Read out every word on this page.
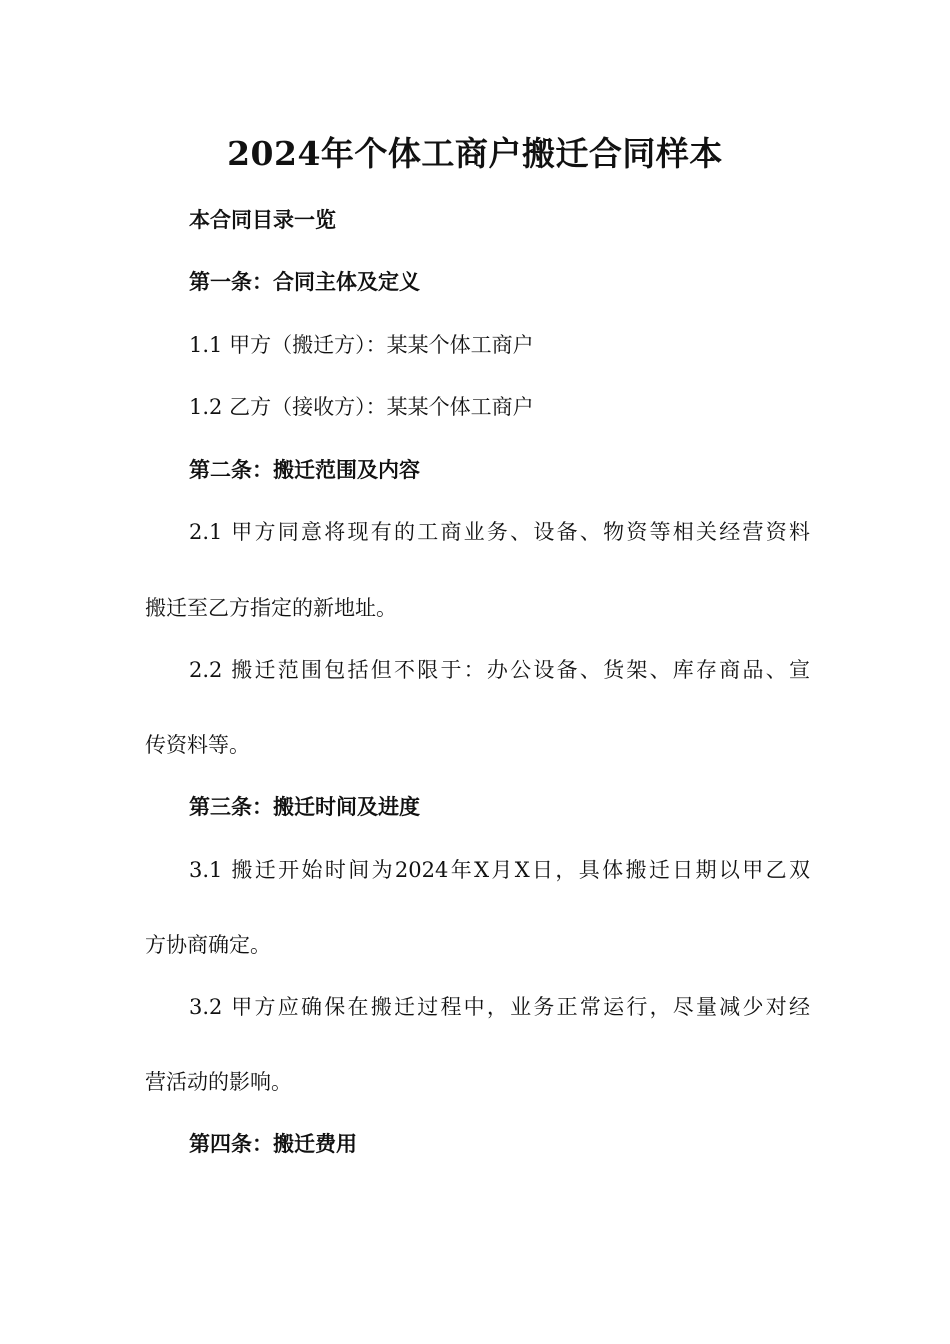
2024年个体工商户搬迁合同样本

本合同目录一览

第一条：合同主体及定义

1.1 甲方（搬迁方）：某某个体工商户

1.2 乙方（接收方）：某某个体工商户

第二条：搬迁范围及内容

2.1 甲方同意将现有的工商业务、设备、物资等相关经营资料

搬迁至乙方指定的新地址。

2.2 搬迁范围包括但不限于：办公设备、货架、库存商品、宣

传资料等。

第三条：搬迁时间及进度

3.1 搬迁开始时间为2024年X月X日，具体搬迁日期以甲乙双

方协商确定。

3.2 甲方应确保在搬迁过程中，业务正常运行，尽量减少对经

营活动的影响。

第四条：搬迁费用
